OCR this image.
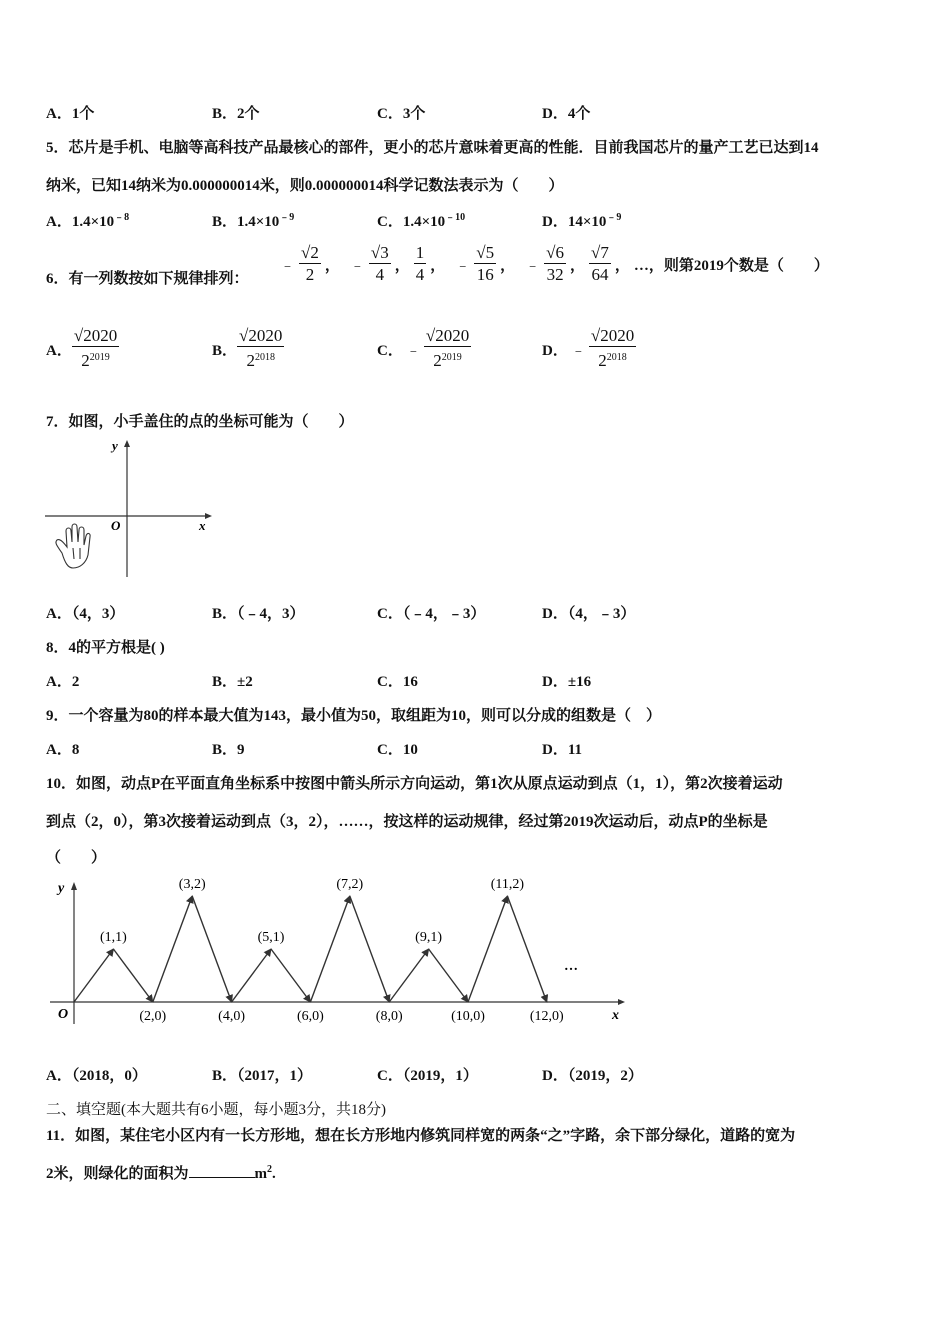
A．1个	B．2个	C．3个	D．4个
5．芯片是手机、电脑等高科技产品最核心的部件，更小的芯片意味着更高的性能．目前我国芯片的量产工艺已达到14
纳米，已知14纳米为0.000000014米，则0.000000014科学记数法表示为（　　）
A．$1.4\times 10^{﹣8}$	B．$1.4\times 10^{﹣9}$	C．$1.4\times 10^{﹣10}$	D．$14\times 10^{﹣9}$
6．有一列数按如下规律排列：
﹣ $\frac{√2}{2}$ ， ﹣ $\frac{√3}{4}$ ， $\frac{1}{4}$ ， ﹣ $\frac{√5}{16}$ ， ﹣ $\frac{√6}{32}$ ， $\frac{√7}{64}$ ， …，则第2019个数是（　　）
A． $\frac{√2020}{2^{2019}}$	B． $\frac{√2020}{2^{2018}}$	C． ﹣ $\frac{√2020}{2^{2019}}$	D． ﹣ $\frac{√2020}{2^{2018}}$
7．如图，小手盖住的点的坐标可能为（　　）
y
x
O
A．（4，3）	B．（﹣4，3）	C．（﹣4，﹣3）	D．（4，﹣3）
8．4的平方根是( )
A．2	B．±2	C．16	D．±16
9．一个容量为80的样本最大值为143，最小值为50，取组距为10，则可以分成的组数是（　）
A．8	B．9	C．10	D．11
10．如图，动点P在平面直角坐标系中按图中箭头所示方向运动，第1次从原点运动到点（1，1），第2次接着运动
到点（2，0），第3次接着运动到点（3，2），……，按这样的运动规律，经过第2019次运动后，动点P的坐标是
（　　）
y
x
O
…
(1,1)
(2,0)
(3,2)
(4,0)
(5,1)
(6,0)
(7,2)
(8,0)
(9,1)
(10,0)
(11,2)
(12,0)
A．（2018，0）	B．（2017，1）	C．（2019，1）	D．（2019，2）
二、填空题(本大题共有6小题，每小题3分，共18分)
11．如图，某住宅小区内有一长方形地，想在长方形地内修筑同样宽的两条“之”字路，余下部分绿化，道路的宽为
2米，则绿化的面积为	$m^2$.
